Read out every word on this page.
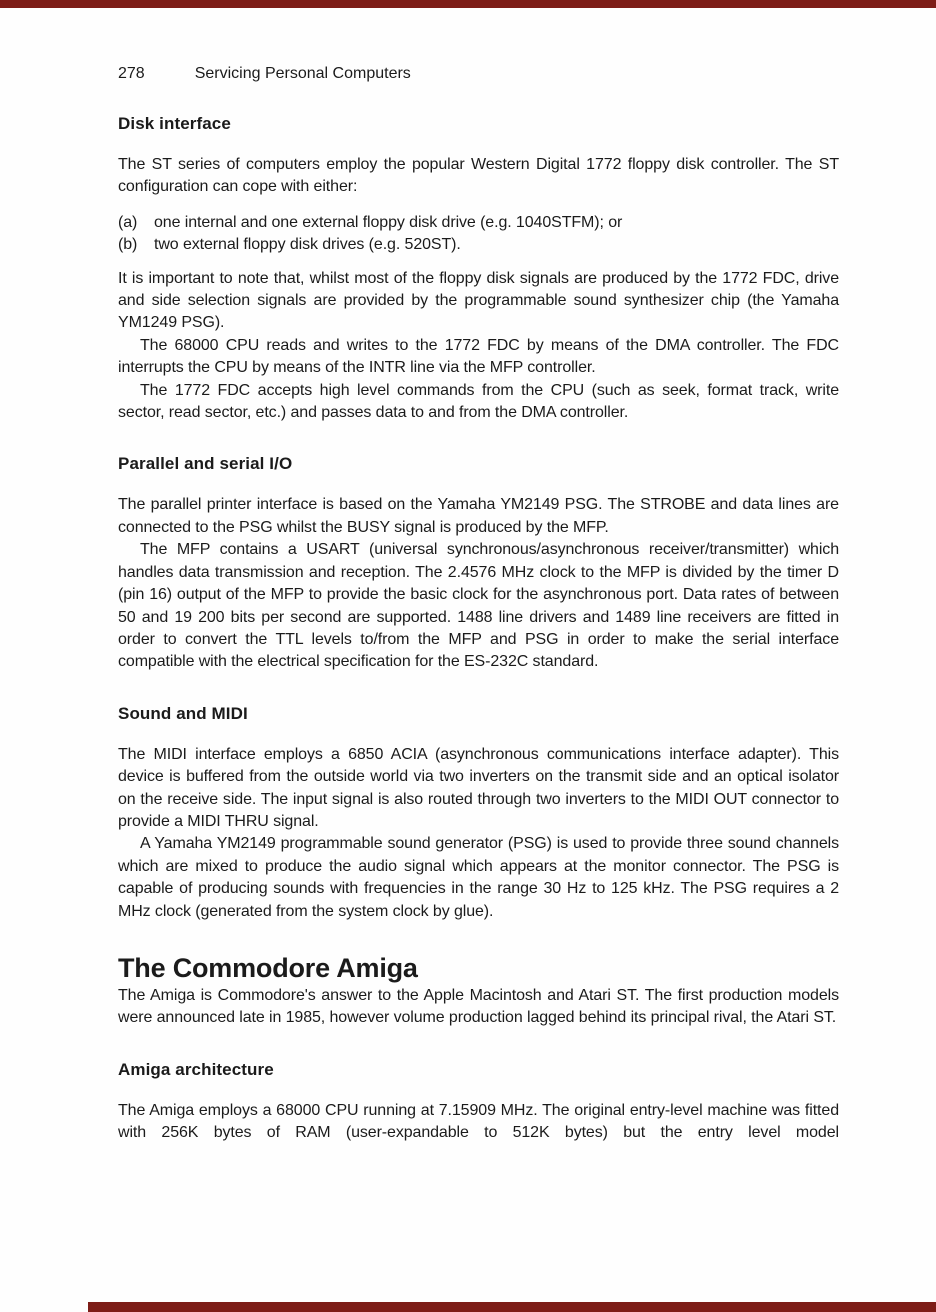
278	Servicing Personal Computers
Disk interface

The ST series of computers employ the popular Western Digital 1772 floppy disk controller. The ST configuration can cope with either:

(a)	one internal and one external floppy disk drive (e.g. 1040STFM); or
(b)	two external floppy disk drives (e.g. 520ST).

It is important to note that, whilst most of the floppy disk signals are produced by the 1772 FDC, drive and side selection signals are provided by the programmable sound synthesizer chip (the Yamaha YM1249 PSG).

The 68000 CPU reads and writes to the 1772 FDC by means of the DMA controller. The FDC interrupts the CPU by means of the INTR line via the MFP controller.

The 1772 FDC accepts high level commands from the CPU (such as seek, format track, write sector, read sector, etc.) and passes data to and from the DMA controller.

Parallel and serial I/O

The parallel printer interface is based on the Yamaha YM2149 PSG. The STROBE and data lines are connected to the PSG whilst the BUSY signal is produced by the MFP.

The MFP contains a USART (universal synchronous/asynchronous receiver/transmitter) which handles data transmission and reception. The 2.4576 MHz clock to the MFP is divided by the timer D (pin 16) output of the MFP to provide the basic clock for the asynchronous port. Data rates of between 50 and 19 200 bits per second are supported. 1488 line drivers and 1489 line receivers are fitted in order to convert the TTL levels to/from the MFP and PSG in order to make the serial interface compatible with the electrical specification for the ES-232C standard.

Sound and MIDI

The MIDI interface employs a 6850 ACIA (asynchronous communications interface adapter). This device is buffered from the outside world via two inverters on the transmit side and an optical isolator on the receive side. The input signal is also routed through two inverters to the MIDI OUT connector to provide a MIDI THRU signal.

A Yamaha YM2149 programmable sound generator (PSG) is used to provide three sound channels which are mixed to produce the audio signal which appears at the monitor connector. The PSG is capable of producing sounds with frequencies in the range 30 Hz to 125 kHz. The PSG requires a 2 MHz clock (generated from the system clock by glue).

The Commodore Amiga

The Amiga is Commodore's answer to the Apple Macintosh and Atari ST. The first production models were announced late in 1985, however volume production lagged behind its principal rival, the Atari ST.

Amiga architecture

The Amiga employs a 68000 CPU running at 7.15909 MHz. The original entry-level machine was fitted with 256K bytes of RAM (user-expandable to 512K bytes) but the entry level model
